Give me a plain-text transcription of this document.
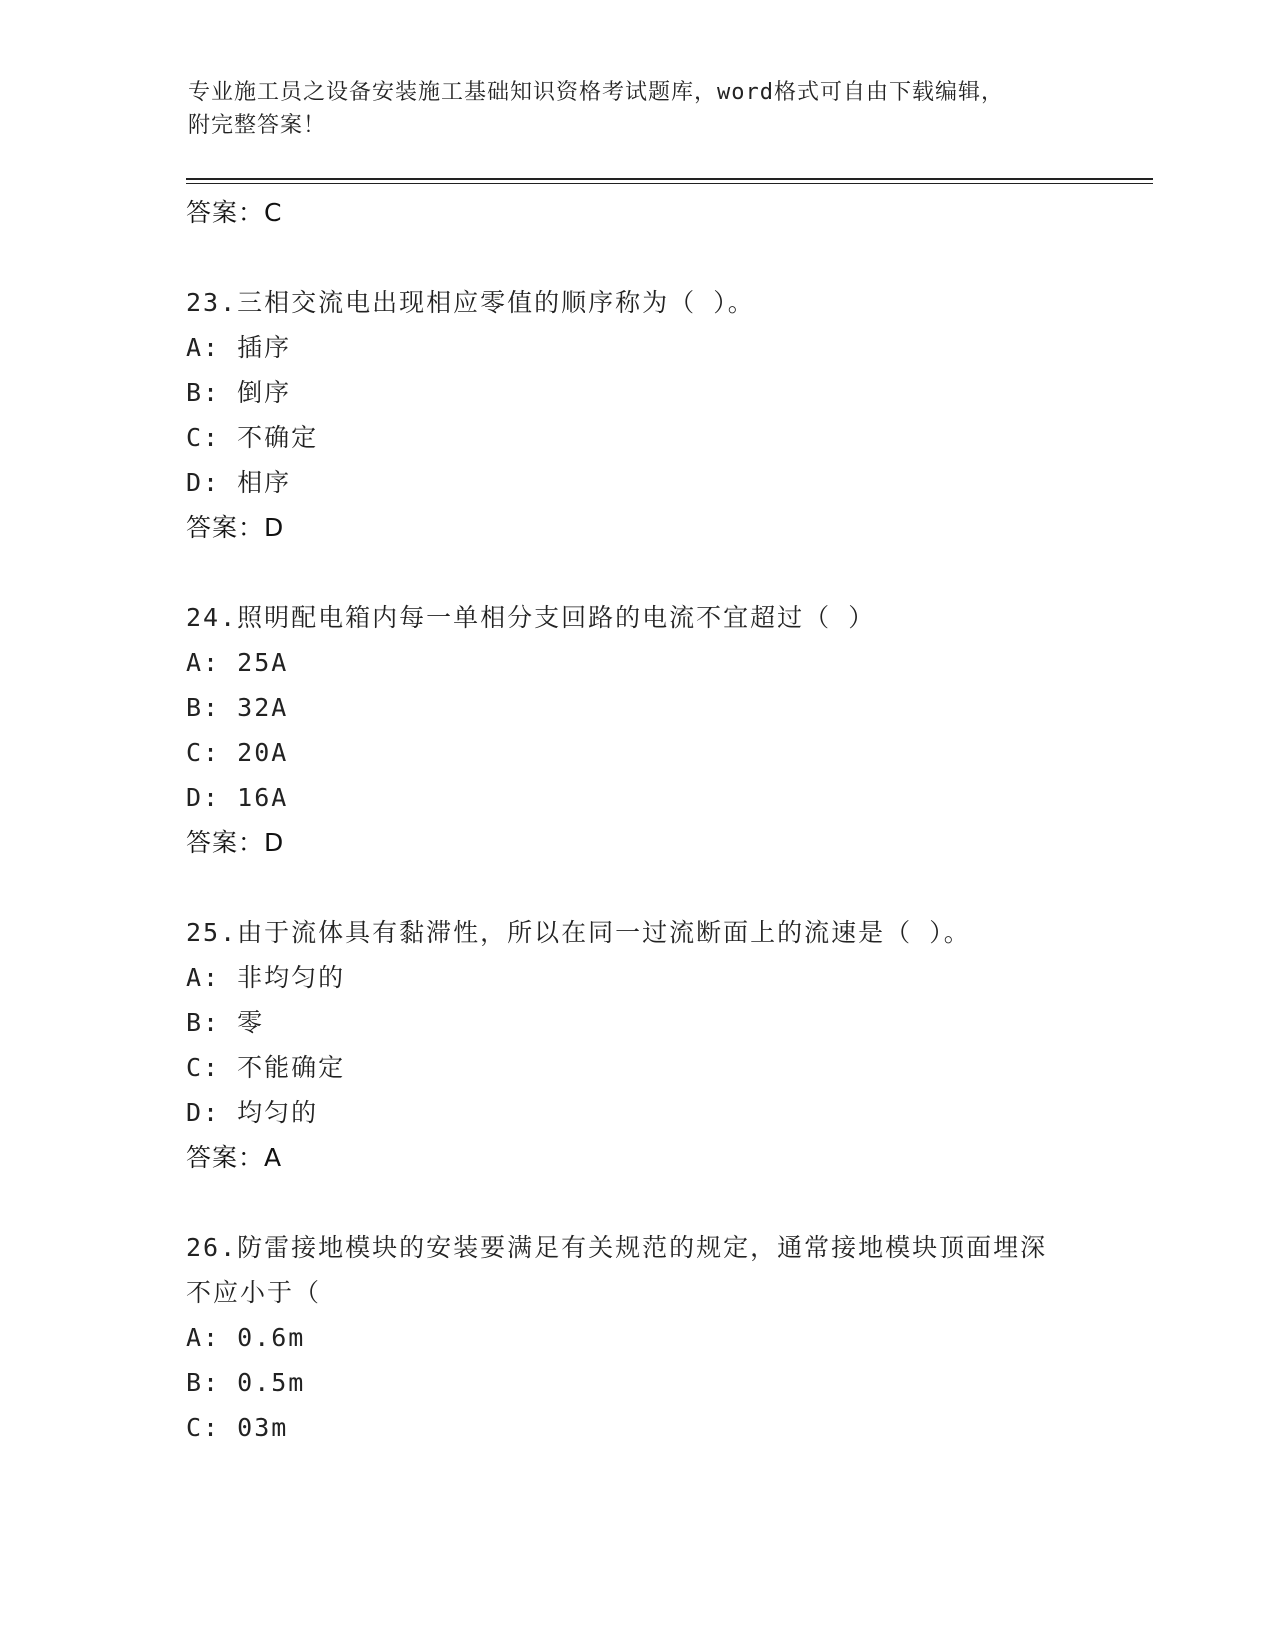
专业施工员之设备安装施工基础知识资格考试题库，word格式可自由下载编辑，
附完整答案！
答案：C
23.三相交流电出现相应零值的顺序称为（ ）。
A: 插序
B: 倒序
C: 不确定
D: 相序
答案：D
24.照明配电箱内每一单相分支回路的电流不宜超过（ ）
A: 25A
B: 32A
C: 20A
D: 16A
答案：D
25.由于流体具有黏滞性，所以在同一过流断面上的流速是（ ）。
A: 非均匀的
B: 零
C: 不能确定
D: 均匀的
答案：A
26.防雷接地模块的安装要满足有关规范的规定，通常接地模块顶面埋深不应小于（
A: 0.6m
B: 0.5m
C: 03m
